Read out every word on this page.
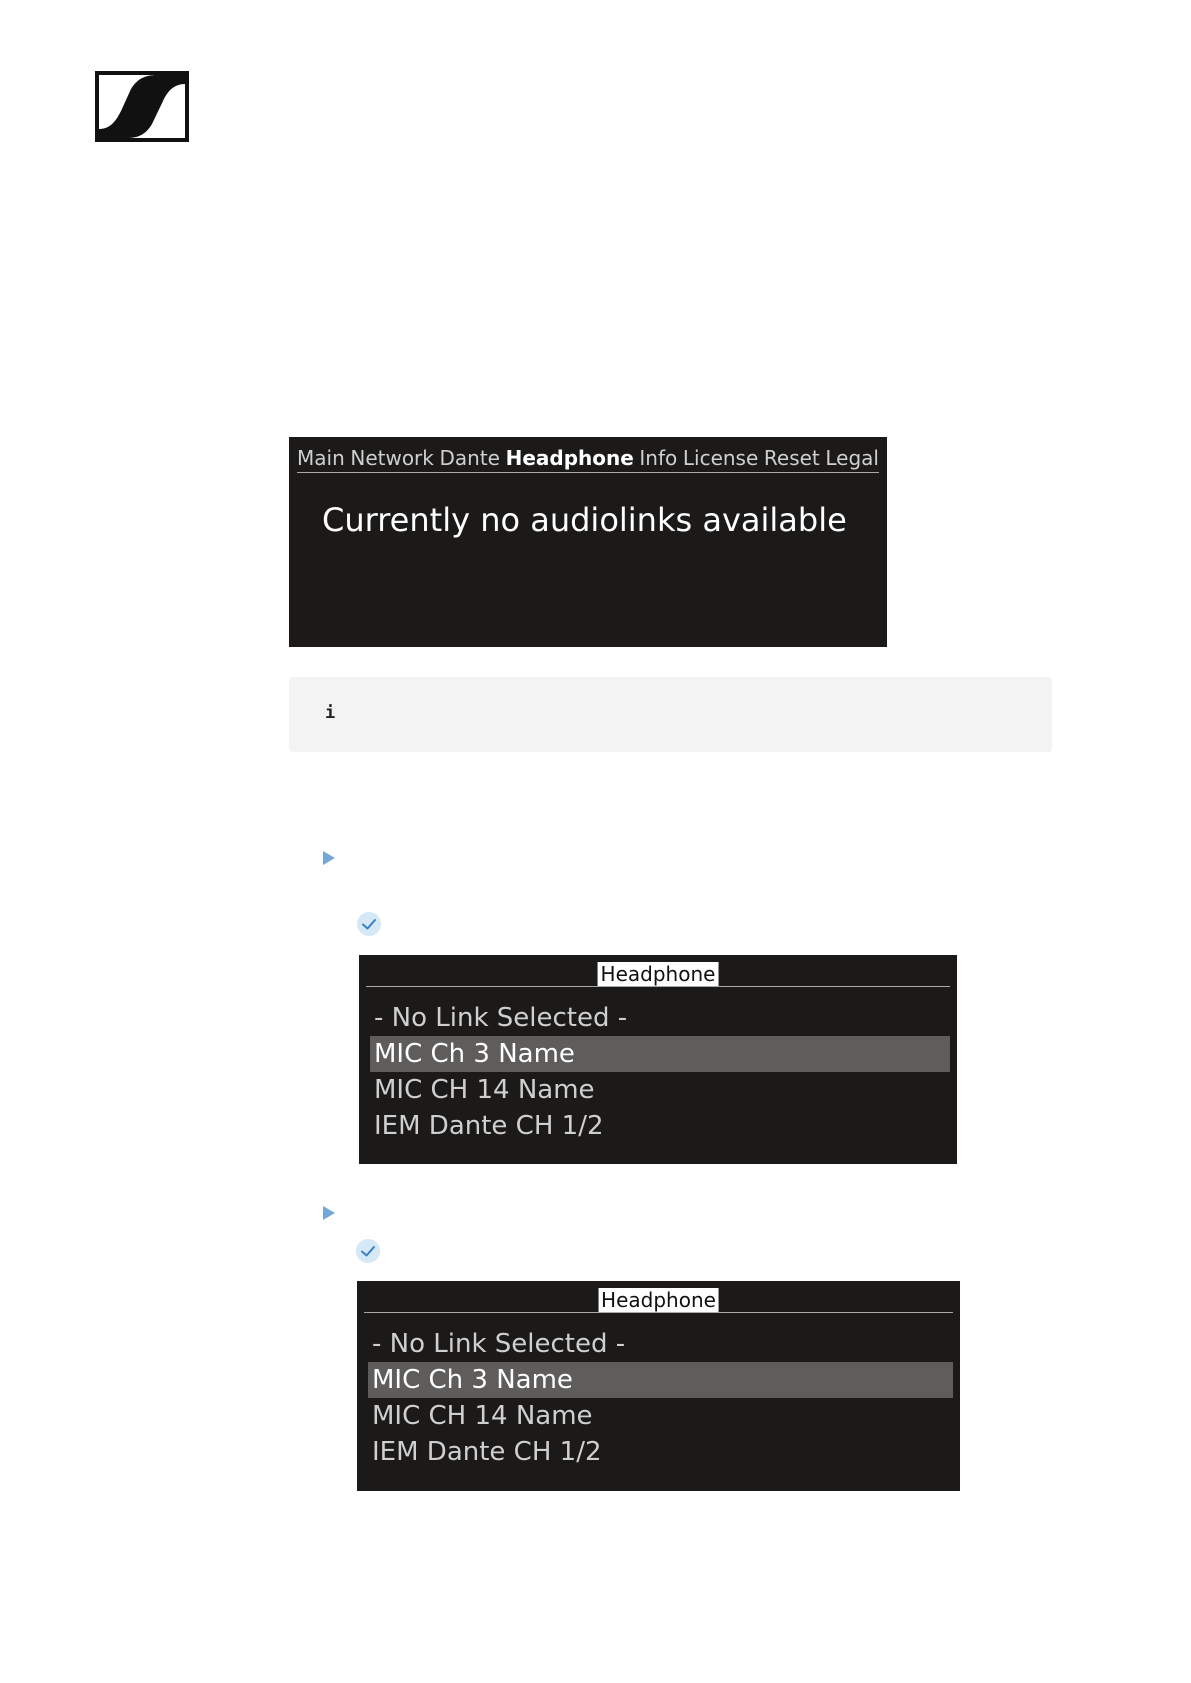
Main Network Dante Headphone Info License Reset Legal
Currently no audiolinks available
i
Headphone
- No Link Selected -
MIC Ch 3 Name
MIC CH 14 Name
IEM Dante CH 1/2
Headphone
- No Link Selected -
MIC Ch 3 Name
MIC CH 14 Name
IEM Dante CH 1/2
